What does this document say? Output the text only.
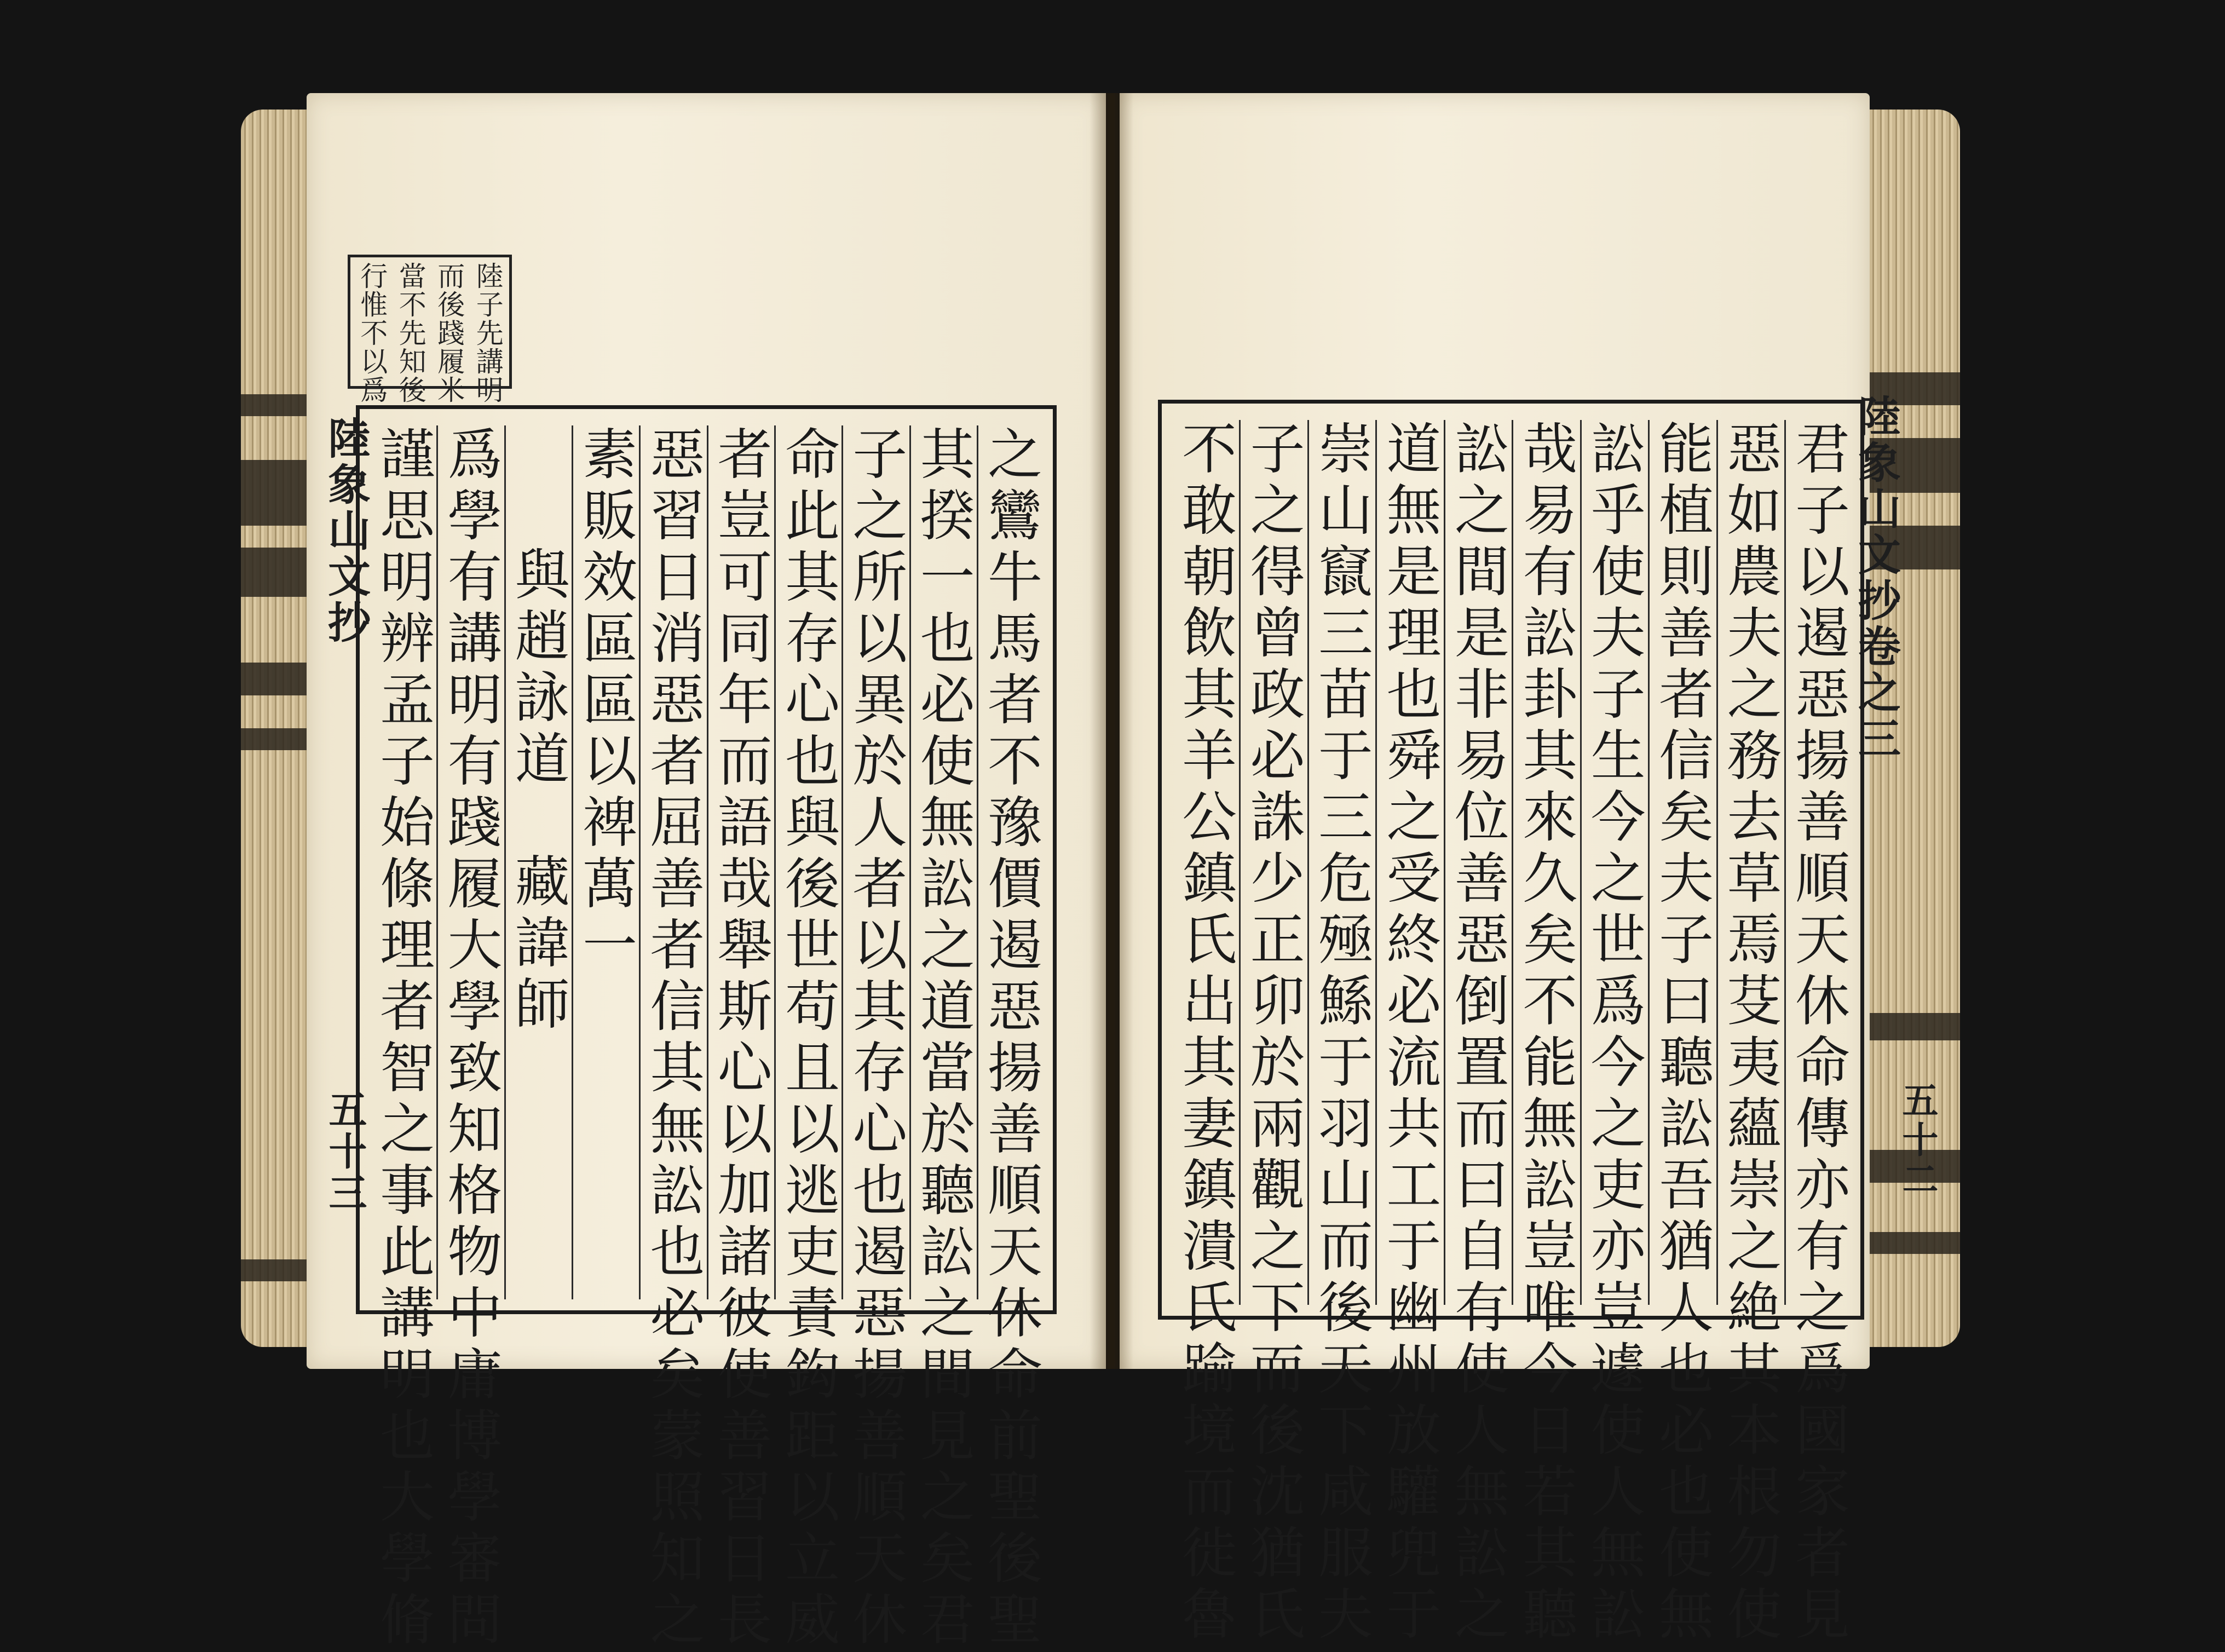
陸子先講明
而後踐履米
當不先知後
行惟不以爲
陸象山文抄
五十三
陸象山文抄卷之三
五十二
之鸞牛馬者不豫價遏惡揚善順天休命前聖後聖
其揆一也必使無訟之道當於聽訟之間見之矣君
子之所以異於人者以其存心也遏惡揚善順天休
命此其存心也與後世苟且以逃吏責鈎距以立威
者豈可同年而語哉舉斯心以加諸彼使善習日長
惡習日消惡者屈善者信其無訟也必矣蒙照知之
素販效區區以裨萬一
與趙詠道　藏諱師
爲學有講明有踐履大學致知格物中庸博學審問
謹思明辨孟子始條理者智之事此講明也大學脩	君子以遏惡揚善順天休命傳亦有之爲國家者見
惡如農夫之務去草焉芟夷蘊崇之絶其本根勿使
能植則善者信矣夫子曰聽訟吾猶人也必也使無
訟乎使夫子生今之世爲今之吏亦豈遽使人無訟
哉易有訟卦其來久矣不能無訟豈唯今日若其聽
訟之間是非易位善惡倒置而曰自有使人無訟之
道無是理也舜之受終必流共工于幽州放驩兜于
崇山竄三苗于三危殛鯀于羽山而後天下咸服夫
子之得曾政必誅少正卯於兩觀之下而後沈猶氏
不敢朝飲其羊公鎮氏出其妻鎮潰氏踰境而徙魯
